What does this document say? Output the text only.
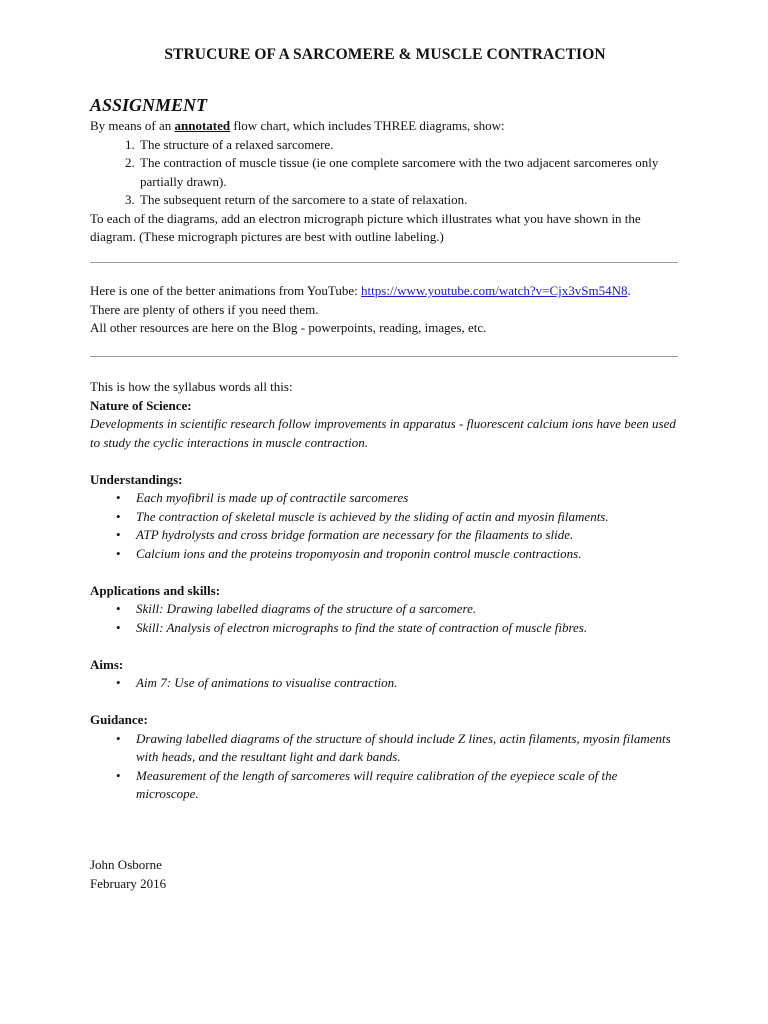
STRUCURE OF A SARCOMERE & MUSCLE CONTRACTION
ASSIGNMENT
By means of an annotated flow chart, which includes THREE diagrams, show:
1. The structure of a relaxed sarcomere.
2. The contraction of muscle tissue (ie one complete sarcomere with the two adjacent sarcomeres only partially drawn).
3. The subsequent return of the sarcomere to a state of relaxation.
To each of the diagrams, add an electron micrograph picture which illustrates what you have shown in the diagram. (These micrograph pictures are best with outline labeling.)
Here is one of the better animations from YouTube: https://www.youtube.com/watch?v=Cjx3vSm54N8.
There are plenty of others if you need them.
All other resources are here on the Blog - powerpoints, reading, images, etc.
This is how the syllabus words all this:
Nature of Science:
Developments in scientific research follow improvements in apparatus - fluorescent calcium ions have been used to study the cyclic interactions in muscle contraction.
Understandings:
• Each myofibril is made up of contractile sarcomeres
• The contraction of skeletal muscle is achieved by the sliding of actin and myosin filaments.
• ATP hydrolysts and cross bridge formation are necessary for the filaaments to slide.
• Calcium ions and the proteins tropomyosin and troponin control muscle contractions.
Applications and skills:
• Skill: Drawing labelled diagrams of the structure of a sarcomere.
• Skill: Analysis of electron micrographs to find the state of contraction of muscle fibres.
Aims:
• Aim 7: Use of animations to visualise contraction.
Guidance:
• Drawing labelled diagrams of the structure of should include Z lines, actin filaments, myosin filaments with heads, and the resultant light and dark bands.
• Measurement of the length of sarcomeres will require calibration of the eyepiece scale of the microscope.
John Osborne
February 2016
